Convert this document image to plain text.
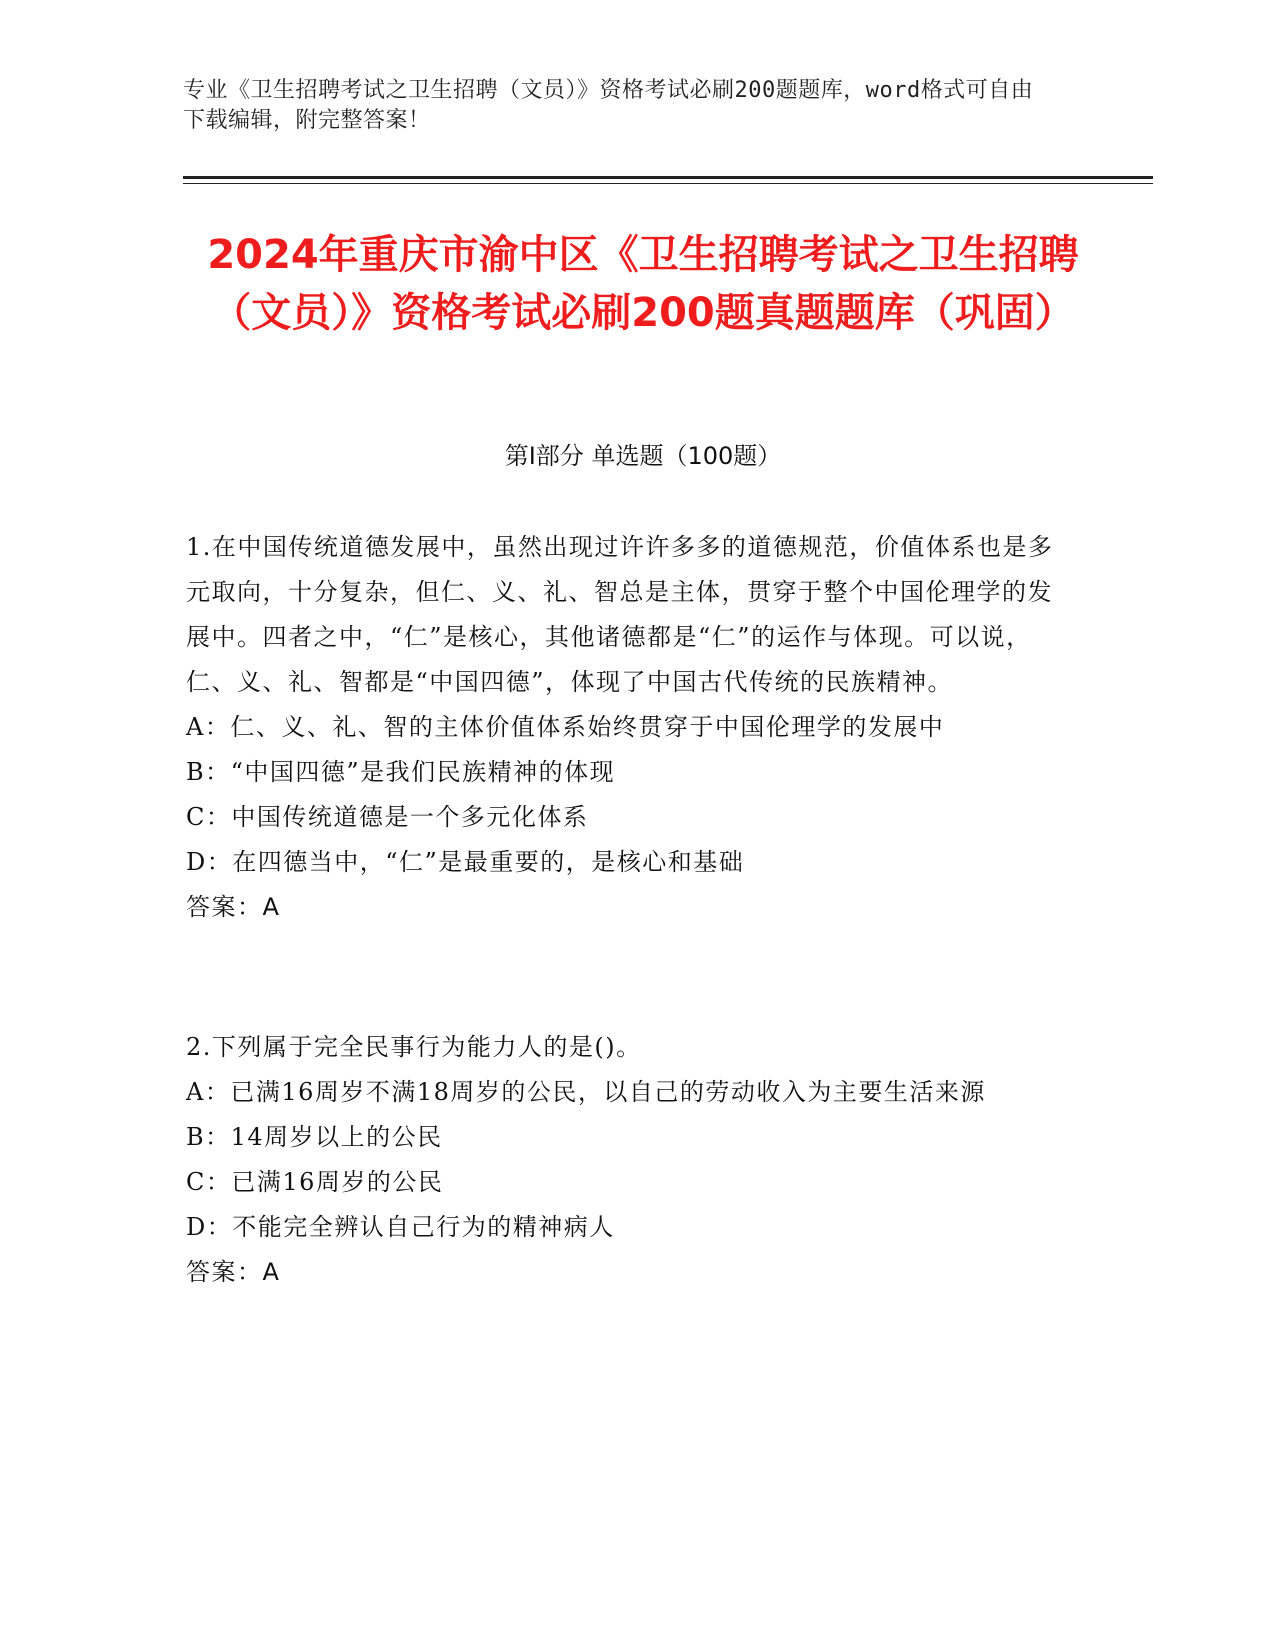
专业《卫生招聘考试之卫生招聘（文员）》资格考试必刷200题题库，word格式可自由下载编辑，附完整答案！
2024年重庆市渝中区《卫生招聘考试之卫生招聘（文员）》资格考试必刷200题真题题库（巩固）
第I部分 单选题（100题）
1.在中国传统道德发展中，虽然出现过许许多多的道德规范，价值体系也是多元取向，十分复杂，但仁、义、礼、智总是主体，贯穿于整个中国伦理学的发展中。四者之中，“仁”是核心，其他诸德都是“仁”的运作与体现。可以说，仁、义、礼、智都是“中国四德”，体现了中国古代传统的民族精神。
A：仁、义、礼、智的主体价值体系始终贯穿于中国伦理学的发展中
B：“中国四德”是我们民族精神的体现
C：中国传统道德是一个多元化体系
D：在四德当中，“仁”是最重要的，是核心和基础
答案：A
2.下列属于完全民事行为能力人的是()。
A：已满16周岁不满18周岁的公民，以自己的劳动收入为主要生活来源
B：14周岁以上的公民
C：已满16周岁的公民
D：不能完全辨认自己行为的精神病人
答案：A
